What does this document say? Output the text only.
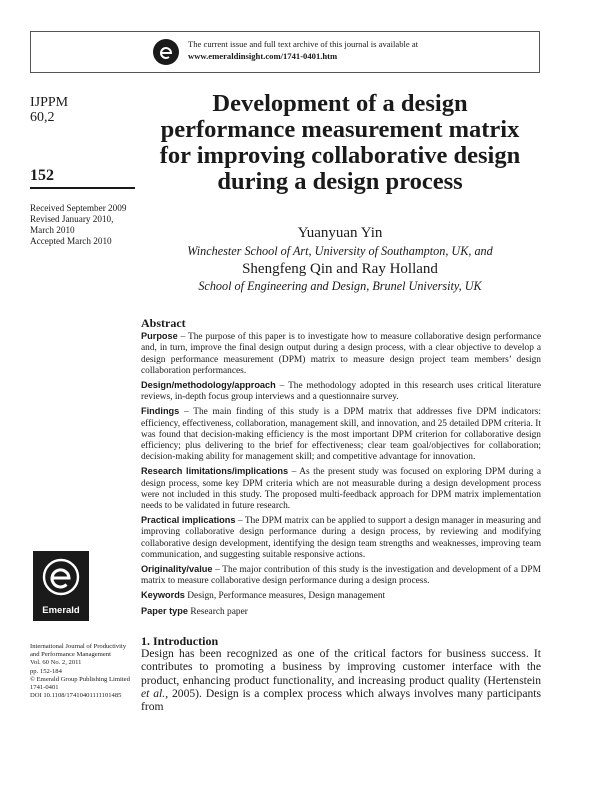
The current issue and full text archive of this journal is available at
www.emeraldinsight.com/1741-0401.htm
IJPPM
60,2
152
Received September 2009
Revised January 2010,
March 2010
Accepted March 2010
Development of a design performance measurement matrix for improving collaborative design during a design process
Yuanyuan Yin
Winchester School of Art, University of Southampton, UK, and
Shengfeng Qin and Ray Holland
School of Engineering and Design, Brunel University, UK
Abstract

Purpose – The purpose of this paper is to investigate how to measure collaborative design performance and, in turn, improve the final design output during a design process, with a clear objective to develop a design performance measurement (DPM) matrix to measure design project team members’ design collaboration performances.

Design/methodology/approach – The methodology adopted in this research uses critical literature reviews, in-depth focus group interviews and a questionnaire survey.

Findings – The main finding of this study is a DPM matrix that addresses five DPM indicators: efficiency, effectiveness, collaboration, management skill, and innovation, and 25 detailed DPM criteria. It was found that decision-making efficiency is the most important DPM criterion for collaborative design efficiency; plus delivering to the brief for effectiveness; clear team goal/objectives for collaboration; decision-making ability for management skill; and competitive advantage for innovation.

Research limitations/implications – As the present study was focused on exploring DPM during a design process, some key DPM criteria which are not measurable during a design development process were not included in this study. The proposed multi-feedback approach for DPM matrix implementation needs to be validated in future research.

Practical implications – The DPM matrix can be applied to support a design manager in measuring and improving collaborative design performance during a design process, by reviewing and modifying collaborative design development, identifying the design team strengths and weaknesses, improving team communication, and suggesting suitable responsive actions.

Originality/value – The major contribution of this study is the investigation and development of a DPM matrix to measure collaborative design performance during a design process.

Keywords Design, Performance measures, Design management

Paper type Research paper

Emerald
International Journal of Productivity
and Performance Management
Vol. 60 No. 2, 2011
pp. 152-184
© Emerald Group Publishing Limited
1741-0401
DOI 10.1108/17410401111101485
1. Introduction

Design has been recognized as one of the critical factors for business success. It contributes to promoting a business by improving customer interface with the product, enhancing product functionality, and increasing product quality (Hertenstein et al., 2005). Design is a complex process which always involves many participants from
